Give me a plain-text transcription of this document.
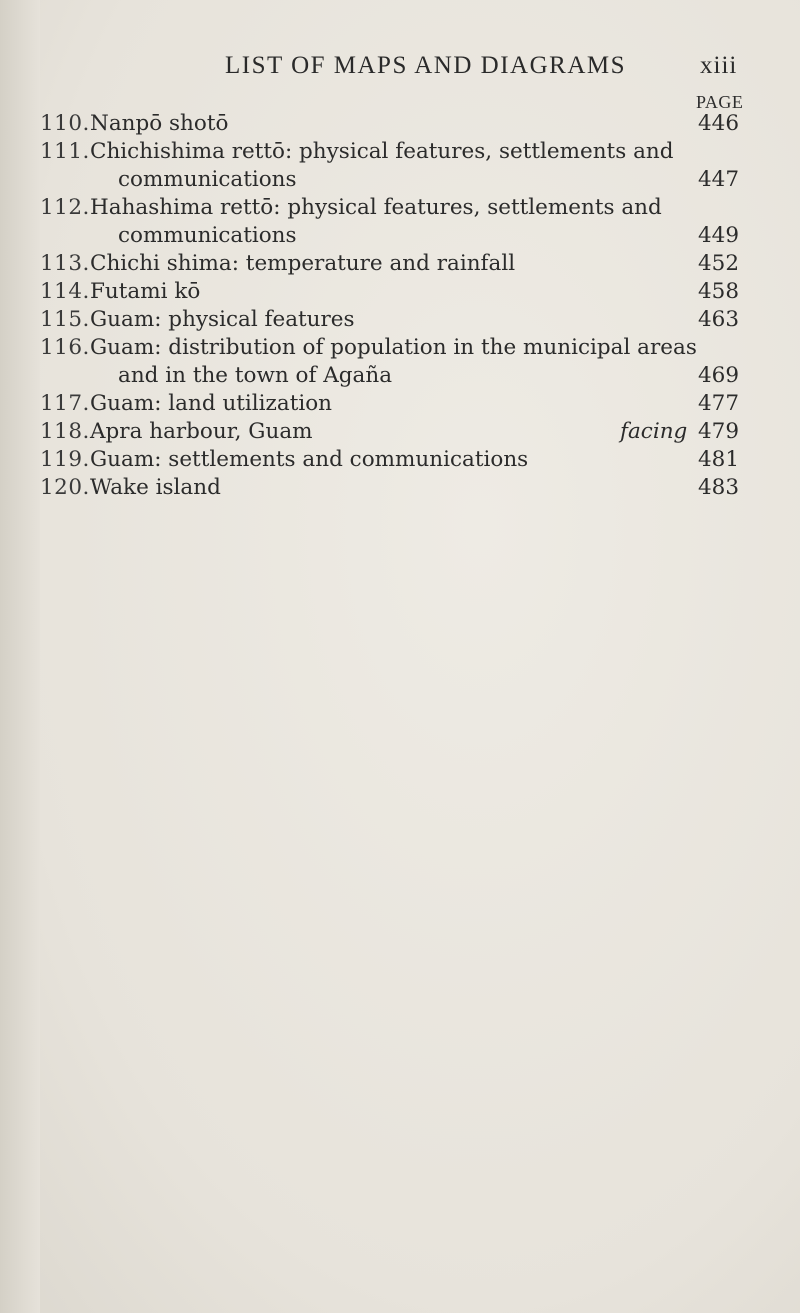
LIST OF MAPS AND DIAGRAMS	xiii
PAGE
110. Nanpō shotō	446
111. Chichishima rettō: physical features, settlements and
communications	447
112. Hahashima rettō: physical features, settlements and
communications	449
113. Chichi shima: temperature and rainfall	452
114. Futami kō	458
115. Guam: physical features	463
116. Guam: distribution of population in the municipal areas
and in the town of Agaña	469
117. Guam: land utilization	477
118. Apra harbour, Guam	facing 479
119. Guam: settlements and communications	481
120. Wake island	483
